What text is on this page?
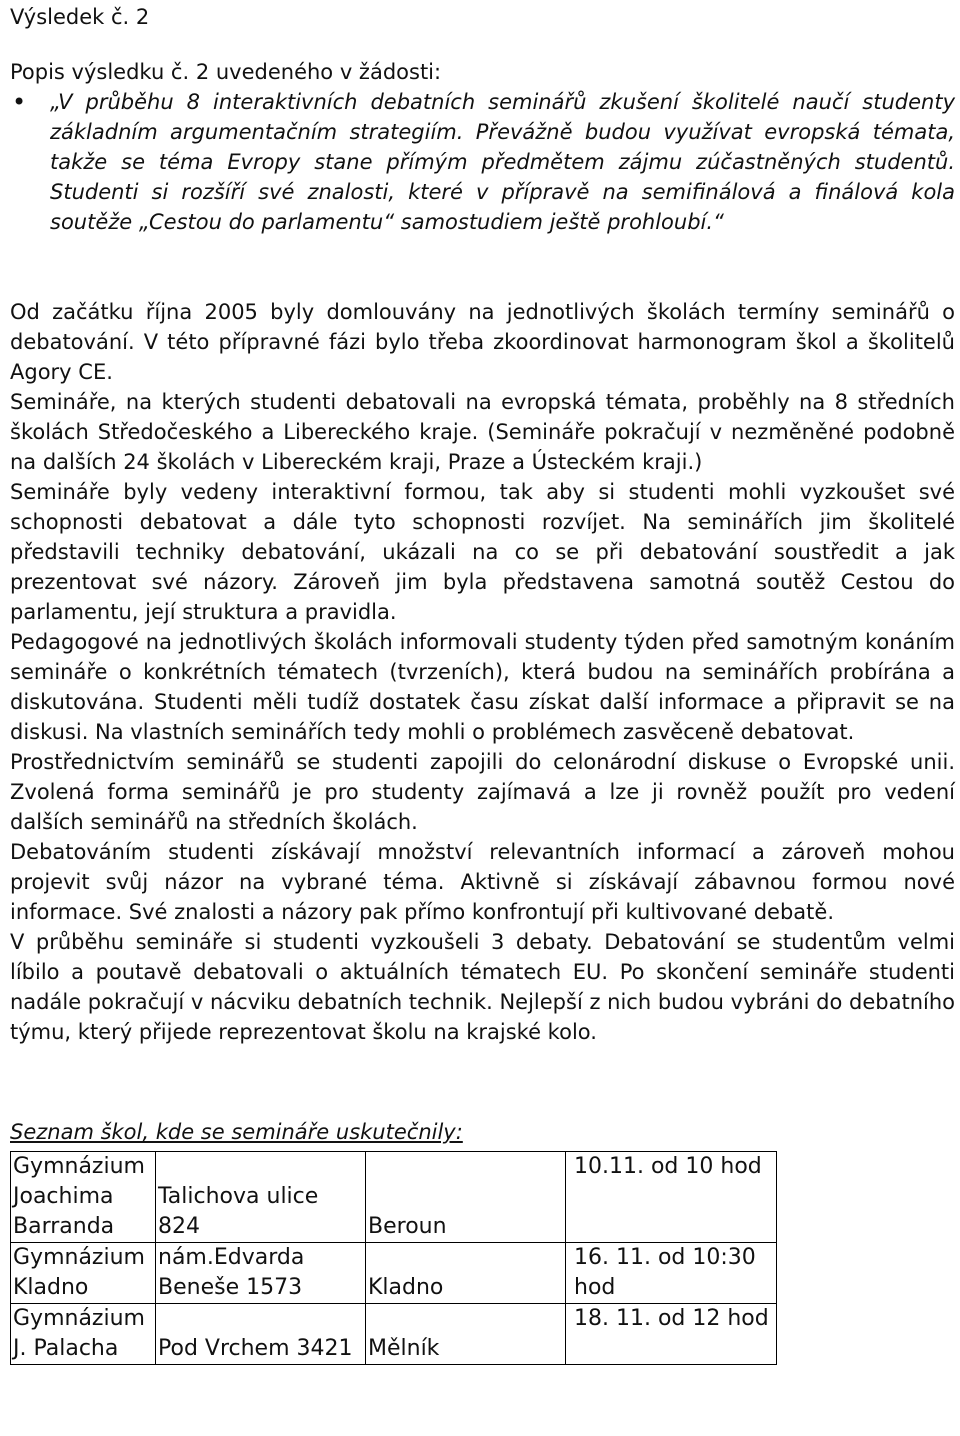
Výsledek č. 2
Popis výsledku č. 2 uvedeného v žádosti:
• „V průběhu 8 interaktivních debatních seminářů zkušení školitelé naučí studenty základním argumentačním strategiím. Převážně budou využívat evropská témata, takže se téma Evropy stane přímým předmětem zájmu zúčastněných studentů. Studenti si rozšíří své znalosti, které v přípravě na semifinálová a finálová kola soutěže „Cestou do parlamentu“ samostudiem ještě prohloubí.“

Od začátku října 2005 byly domlouvány na jednotlivých školách termíny seminářů o debatování. V této přípravné fázi bylo třeba zkoordinovat harmonogram škol a školitelů Agory CE.

Semináře, na kterých studenti debatovali na evropská témata, proběhly na 8 středních školách Středočeského a Libereckého kraje. (Semináře pokračují v nezměněné podobně na dalších 24 školách v Libereckém kraji, Praze a Ústeckém kraji.)

Semináře byly vedeny interaktivní formou, tak aby si studenti mohli vyzkoušet své schopnosti debatovat a dále tyto schopnosti rozvíjet. Na seminářích jim školitelé představili techniky debatování, ukázali na co se při debatování soustředit a jak prezentovat své názory. Zároveň jim byla představena samotná soutěž Cestou do parlamentu, její struktura a pravidla.

Pedagogové na jednotlivých školách informovali studenty týden před samotným konáním semináře o konkrétních tématech (tvrzeních), která budou na seminářích probírána a diskutována. Studenti měli tudíž dostatek času získat další informace a připravit se na diskusi. Na vlastních seminářích tedy mohli o problémech zasvěceně debatovat.

Prostřednictvím seminářů se studenti zapojili do celonárodní diskuse o Evropské unii. Zvolená forma seminářů je pro studenty zajímavá a lze ji rovněž použít pro vedení dalších seminářů na středních školách.

Debatováním studenti získávají množství relevantních informací a zároveň mohou projevit svůj názor na vybrané téma. Aktivně si získávají zábavnou formou nové informace. Své znalosti a názory pak přímo konfrontují při kultivované debatě.

V průběhu semináře si studenti vyzkoušeli 3 debaty. Debatování se studentům velmi líbilo a poutavě debatovali o aktuálních tématech EU. Po skončení semináře studenti nadále pokračují v nácviku debatních technik. Nejlepší z nich budou vybráni do debatního týmu, který přijede reprezentovat školu na krajské kolo.

Seznam škol, kde se semináře uskutečnily:
Gymnázium Joachima Barranda	Talichova ulice 824	Beroun	10.11. od 10 hod
Gymnázium Kladno	nám.Edvarda Beneše 1573	Kladno	16. 11. od 10:30 hod
Gymnázium J. Palacha	Pod Vrchem 3421	Mělník	18. 11. od 12 hod
